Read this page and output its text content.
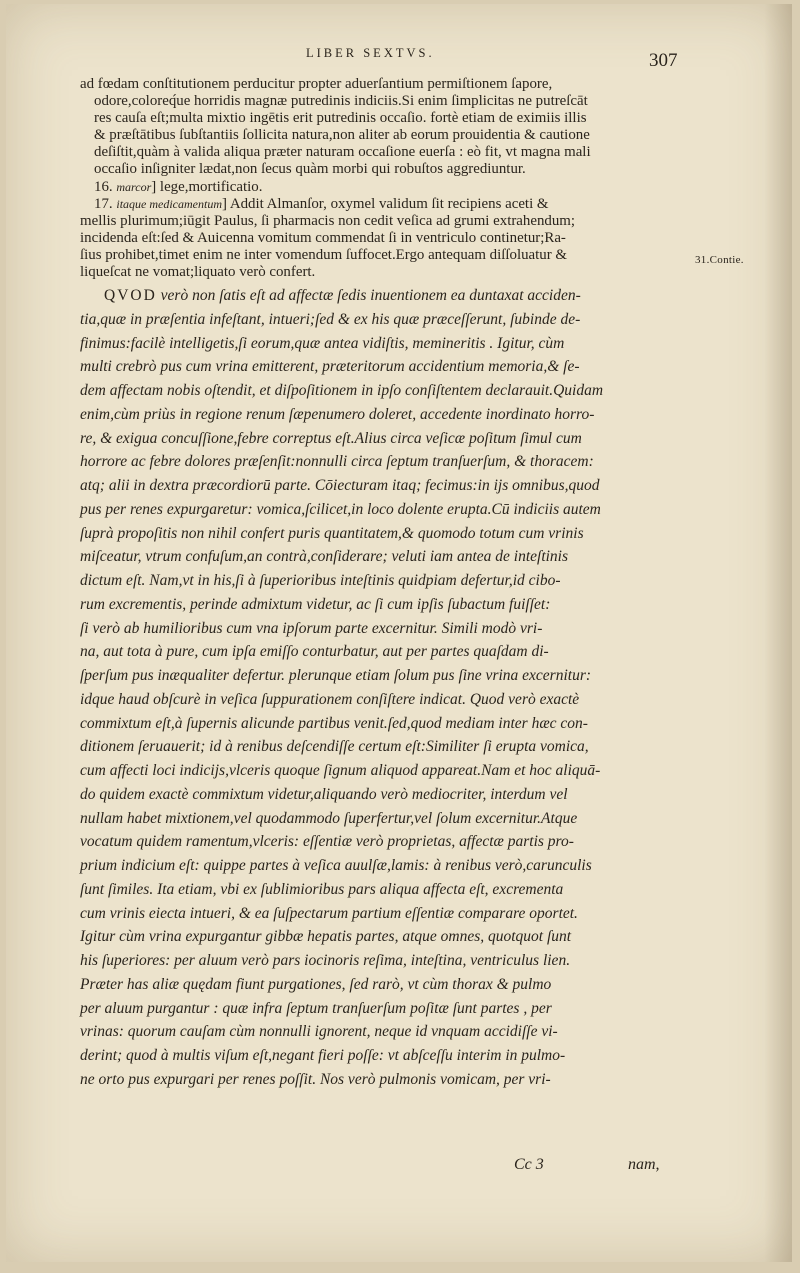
LIBER SEXTVS.	307
31.Contie.
ad fœdam conſtitutionem perducitur propter aduerſantium permiſtionem ſapore,
odore,coloreq́ue horridis magnæ putredinis indiciis.Si enim ſimplicitas ne putreſcāt
res cauſa eſt;multa mixtio ingētis erit putredinis occaſio. fortè etiam de eximiis illis
& præſtātibus ſubſtantiis ſollicita natura,non aliter ab eorum prouidentia & cautione
deſiſtit,quàm à valida aliqua præter naturam occaſione euerſa : eò fit, vt magna mali
occaſio inſigniter lædat,non ſecus quàm morbi qui robuſtos aggrediuntur.
16. marcor] lege,mortificatio.
17. itaque medicamentum] Addit Almanſor, oxymel validum ſit recipiens aceti &
mellis plurimum;iūgit Paulus, ſi pharmacis non cedit veſica ad grumi extrahendum;
incidenda eſt:ſed & Auicenna vomitum commendat ſi in ventriculo continetur;Ra-
ſius prohibet,timet enim ne inter vomendum ſuffocet.Ergo antequam diſſoluatur &
liqueſcat ne vomat;liquato verò confert.
QVOD verò non ſatis eſt ad affectæ ſedis inuentionem ea duntaxat acciden-
tia,quæ in præſentia infeſtant, intueri;ſed & ex his quæ præceſſerunt, ſubinde de-
finimus:facilè intelligetis,ſi eorum,quæ antea vidiſtis, memineritis . Igitur, cùm
multi crebrò pus cum vrina emitterent, præteritorum accidentium memoria,& ſe-
dem affectam nobis oſtendit, et diſpoſitionem in ipſo conſiſtentem declarauit.Quidam
enim,cùm priùs in regione renum ſæpenumero doleret, accedente inordinato horro-
re, & exigua concuſſione,febre correptus eſt.Alius circa veſicæ poſitum ſimul cum
horrore ac febre dolores præſenſit:nonnulli circa ſeptum tranſuerſum, & thoracem:
atq; alii in dextra præcordiorū parte. Cōiecturam itaq; fecimus:in ijs omnibus,quod
pus per renes expurgaretur: vomica,ſcilicet,in loco dolente erupta.Cū indiciis autem
ſuprà propoſitis non nihil confert puris quantitatem,& quomodo totum cum vrinis
miſceatur, vtrum confuſum,an contrà,conſiderare; veluti iam antea de inteſtinis
dictum eſt. Nam,vt in his,ſi à ſuperioribus inteſtinis quidpiam defertur,id cibo-
rum excrementis, perinde admixtum videtur, ac ſi cum ipſis ſubactum fuiſſet:
ſi verò ab humilioribus cum vna ipſorum parte excernitur. Simili modò vri-
na, aut tota à pure, cum ipſa emiſſo conturbatur, aut per partes quaſdam di-
ſperſum pus inæqualiter defertur. plerunque etiam ſolum pus ſine vrina excernitur:
idque haud obſcurè in veſica ſuppurationem conſiſtere indicat. Quod verò exactè
commixtum eſt,à ſupernis alicunde partibus venit.ſed,quod mediam inter hæc con-
ditionem ſeruauerit; id à renibus deſcendiſſe certum eſt:Similiter ſi erupta vomica,
cum affecti loci indicijs,vlceris quoque ſignum aliquod appareat.Nam et hoc aliquā-
do quidem exactè commixtum videtur,aliquando verò mediocriter, interdum vel
nullam habet mixtionem,vel quodammodo ſuperfertur,vel ſolum excernitur.Atque
vocatum quidem ramentum,vlceris: eſſentiæ verò proprietas, affectæ partis pro-
prium indicium eſt: quippe partes à veſica auulſæ,lamis: à renibus verò,carunculis
ſunt ſimiles. Ita etiam, vbi ex ſublimioribus pars aliqua affecta eſt, excrementa
cum vrinis eiecta intueri, & ea ſuſpectarum partium eſſentiæ comparare oportet.
Igitur cùm vrina expurgantur gibbæ hepatis partes, atque omnes, quotquot ſunt
his ſuperiores: per aluum verò pars iocinoris reſima, inteſtina, ventriculus lien.
Præter has aliæ quędam fiunt purgationes, ſed rarò, vt cùm thorax & pulmo
per aluum purgantur : quæ infra ſeptum tranſuerſum poſitæ ſunt partes , per
vrinas: quorum cauſam cùm nonnulli ignorent, neque id vnquam accidiſſe vi-
derint; quod à multis viſum eſt,negant fieri poſſe: vt abſceſſu interim in pulmo-
ne orto pus expurgari per renes poſſit. Nos verò pulmonis vomicam, per vri-
Cc 3	nam,
